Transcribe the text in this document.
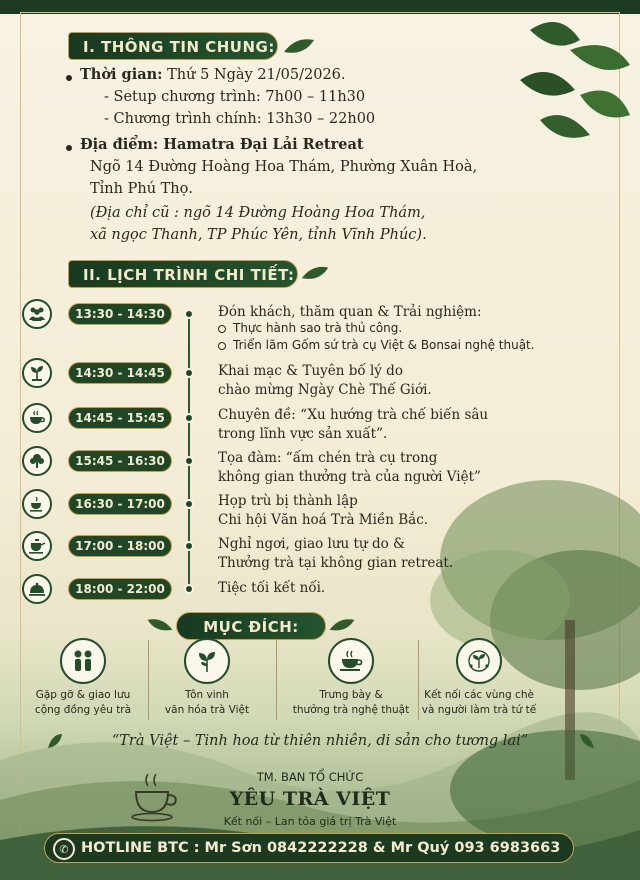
I. THÔNG TIN CHUNG:
Thời gian: Thứ 5 Ngày 21/05/2026.
- Setup chương trình: 7h00 – 11h30
- Chương trình chính: 13h30 – 22h00
Địa điểm: Hamatra Đại Lải Retreat
Ngõ 14 Đường Hoàng Hoa Thám, Phường Xuân Hoà,
Tỉnh Phú Thọ.
(Địa chỉ cũ : ngõ 14 Đường Hoàng Hoa Thám,
xã ngọc Thanh, TP Phúc Yên, tỉnh Vĩnh Phúc).
II. LỊCH TRÌNH CHI TIẾT:
13:30 - 14:30	Đón khách, thăm quan & Trải nghiệm:
Thực hành sao trà thủ công.
Triển lãm Gốm sứ trà cụ Việt & Bonsai nghệ thuật.
14:30 - 14:45	Khai mạc & Tuyên bố lý do
chào mừng Ngày Chè Thế Giới.
14:45 - 15:45	Chuyên đề: “Xu hướng trà chế biến sâu
trong lĩnh vực sản xuất”.
15:45 - 16:30	Tọa đàm: “ấm chén trà cụ trong
không gian thưởng trà của người Việt”
16:30 - 17:00	Họp trù bị thành lập
Chi hội Văn hoá Trà Miền Bắc.
17:00 - 18:00	Nghỉ ngơi, giao lưu tự do &
Thưởng trà tại không gian retreat.
18:00 - 22:00	Tiệc tối kết nối.
MỤC ĐÍCH:
Gặp gỡ & giao lưu
cộng đồng yêu trà
Tôn vinh
văn hóa trà Việt
Trưng bày &
thưởng trà nghệ thuật
Kết nối các vùng chè
và người làm trà tứ tế
“Trà Việt – Tinh hoa từ thiên nhiên, di sản cho tương lai”
TM. BAN TỔ CHỨC
YÊU TRÀ VIỆT
Kết nối – Lan tỏa giá trị Trà Việt
✆ HOTLINE BTC : Mr Sơn 0842222228 & Mr Quý 093 6983663
